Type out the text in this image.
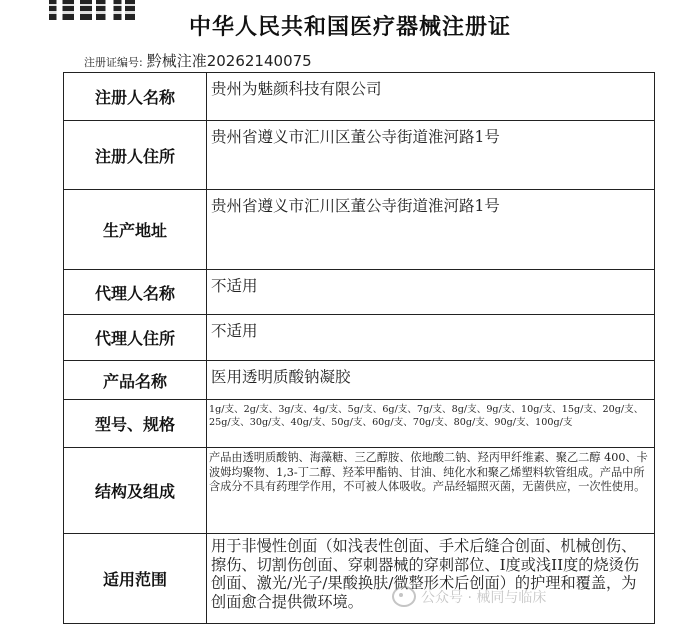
中华人民共和国医疗器械注册证
注册证编号: 黔械注准20262140075
注册人名称	贵州为魅颜科技有限公司
注册人住所	贵州省遵义市汇川区董公寺街道淮河路1号
生产地址	贵州省遵义市汇川区董公寺街道淮河路1号
代理人名称	不适用
代理人住所	不适用
产品名称	医用透明质酸钠凝胶
型号、规格	1g/支、2g/支、3g/支、4g/支、5g/支、6g/支、7g/支、8g/支、9g/支、10g/支、15g/支、20g/支、25g/支、30g/支、40g/支、50g/支、60g/支、70g/支、80g/支、90g/支、100g/支
结构及组成	产品由透明质酸钠、海藻糖、三乙醇胺、依地酸二钠、羟丙甲纤维素、聚乙二醇 400、卡波姆均聚物、1,3-丁二醇、羟苯甲酯钠、甘油、纯化水和聚乙烯塑料软管组成。产品中所含成分不具有药理学作用，不可被人体吸收。产品经辐照灭菌，无菌供应，一次性使用。
适用范围	用于非慢性创面（如浅表性创面、手术后缝合创面、机械创伤、擦伤、切割伤创面、穿刺器械的穿刺部位、I度或浅II度的烧烫伤创面、激光/光子/果酸换肤/微整形术后创面）的护理和覆盖，为创面愈合提供微环境。	公众号 · 械同与临床
